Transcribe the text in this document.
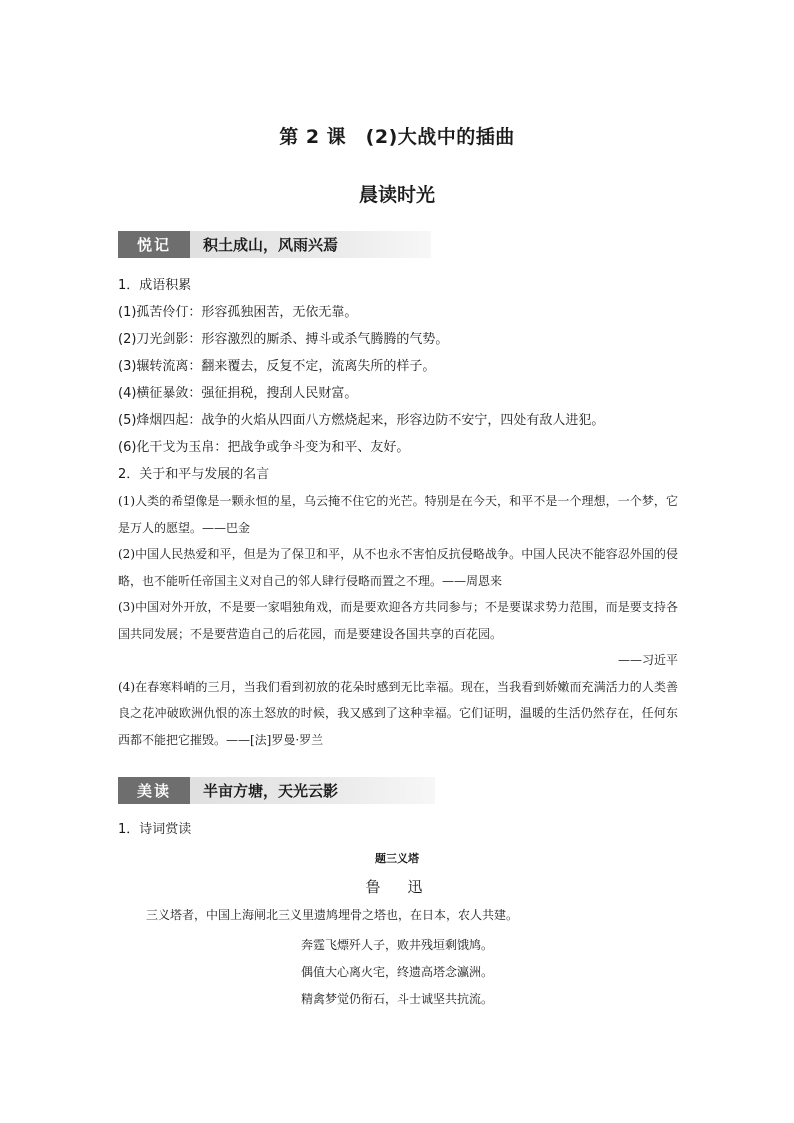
第 2 课　(2)大战中的插曲
晨读时光
悦记	积土成山，风雨兴焉
1．成语积累
(1)孤苦伶仃：形容孤独困苦，无依无靠。
(2)刀光剑影：形容激烈的厮杀、搏斗或杀气腾腾的气势。
(3)辗转流离：翻来覆去，反复不定，流离失所的样子。
(4)横征暴敛：强征捐税，搜刮人民财富。
(5)烽烟四起：战争的火焰从四面八方燃烧起来，形容边防不安宁，四处有敌人进犯。
(6)化干戈为玉帛：把战争或争斗变为和平、友好。
2．关于和平与发展的名言
(1)人类的希望像是一颗永恒的星，乌云掩不住它的光芒。特别是在今天，和平不是一个理想，一个梦，它是万人的愿望。——巴金
(2)中国人民热爱和平，但是为了保卫和平，从不也永不害怕反抗侵略战争。中国人民决不能容忍外国的侵略，也不能听任帝国主义对自己的邻人肆行侵略而置之不理。——周恩来
(3)中国对外开放，不是要一家唱独角戏，而是要欢迎各方共同参与；不是要谋求势力范围，而是要支持各国共同发展；不是要营造自己的后花园，而是要建设各国共享的百花园。
——习近平
(4)在春寒料峭的三月，当我们看到初放的花朵时感到无比幸福。现在，当我看到娇嫩而充满活力的人类善良之花冲破欧洲仇恨的冻土怒放的时候，我又感到了这种幸福。它们证明，温暖的生活仍然存在，任何东西都不能把它摧毁。——[法]罗曼·罗兰
美读	半亩方塘，天光云影
1．诗词赏读
题三义塔
鲁　迅
三义塔者，中国上海闸北三义里遗鸠埋骨之塔也，在日本，农人共建。
奔霆飞熛歼人子，败井残垣剩饿鸠。
偶值大心离火宅，终遗高塔念瀛洲。
精禽梦觉仍衔石，斗士诚坚共抗流。
